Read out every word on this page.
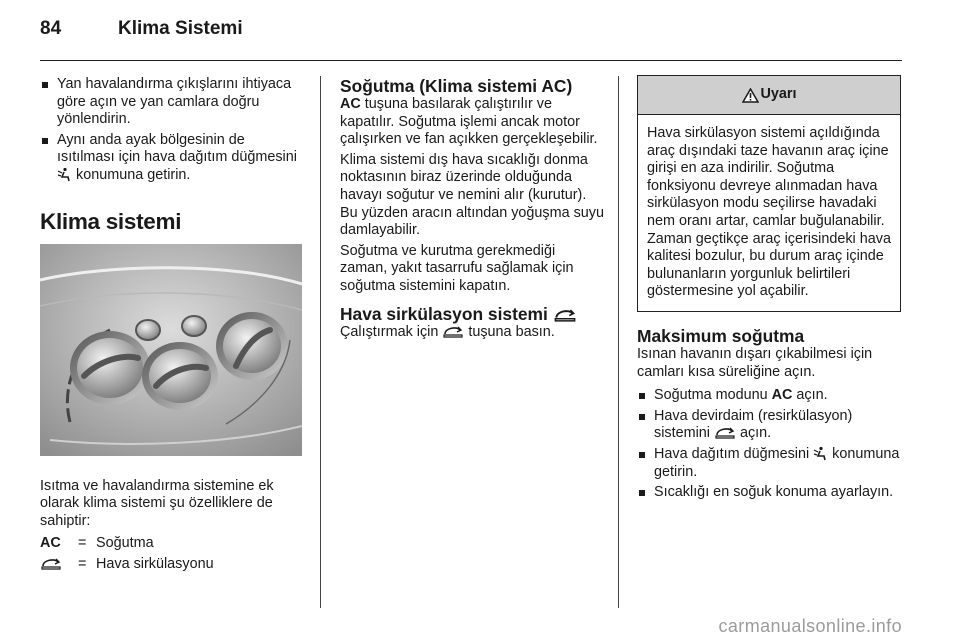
84	Klima Sistemi
Yan havalandırma çıkışlarını ihtiyaca göre açın ve yan camlara doğru yönlendirin.
Aynı anda ayak bölgesinin de ısıtılması için hava dağıtım düğmesini  konumuna getirin.
Klima sistemi

Isıtma ve havalandırma sistemine ek olarak klima sistemi şu özelliklere de sahiptir:

AC	= Soğutma
= Hava sirkülasyonu
Soğutma (Klima sistemi AC)

AC tuşuna basılarak çalıştırılır ve kapatılır. Soğutma işlemi ancak motor çalışırken ve fan açıkken gerçekleşebilir.

Klima sistemi dış hava sıcaklığı donma noktasının biraz üzerinde olduğunda havayı soğutur ve nemini alır (kurutur). Bu yüzden aracın altından yoğuşma suyu damlayabilir.

Soğutma ve kurutma gerekmediği zaman, yakıt tasarrufu sağlamak için soğutma sistemini kapatın.

Hava sirkülasyon sistemi

Çalıştırmak için  tuşuna basın.

Uyarı
Hava sirkülasyon sistemi açıldığında araç dışındaki taze havanın araç içine girişi en aza indirilir. Soğutma fonksiyonu devreye alınmadan hava sirkülasyon modu seçilirse havadaki nem oranı artar, camlar buğulanabilir. Zaman geçtikçe araç içerisindeki hava kalitesi bozulur, bu durum araç içinde bulunanların yorgunluk belirtileri göstermesine yol açabilir.
Maksimum soğutma

Isınan havanın dışarı çıkabilmesi için camları kısa süreliğine açın.

Soğutma modunu AC açın.
Hava devirdaim (resirkülasyon) sistemini  açın.
Hava dağıtım düğmesini  konumuna getirin.
Sıcaklığı en soğuk konuma ayarlayın.
carmanualsonline.info
